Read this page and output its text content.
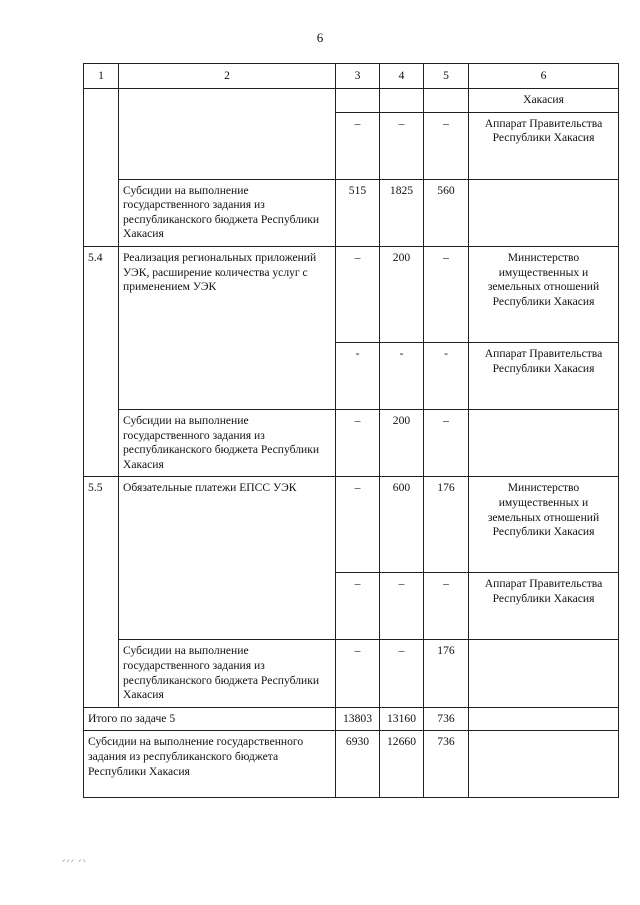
6
1	2	3	4	5	6
					Хакасия
		–	–	–	Аппарат Правительства Республики Хакасия
	Субсидии на выполнение государственного задания из республиканского бюджета Республики Хакасия	515	1825	560	
5.4	Реализация региональных приложений УЭК, расширение количества услуг с применением УЭК	–	200	–	Министерство имущественных и земельных отношений Республики Хакасия
		-	-	-	Аппарат Правительства Республики Хакасия
	Субсидии на выполнение государственного задания из республиканского бюджета Республики Хакасия	–	200	–	
5.5	Обязательные платежи ЕПСС УЭК	–	600	176	Министерство имущественных и земельных отношений Республики Хакасия
		–	–	–	Аппарат Правительства Республики Хакасия
	Субсидии на выполнение государственного задания из республиканского бюджета Республики Хакасия	–	–	176	
Итого по задаче 5		13803	13160	736	
Субсидии на выполнение государственного задания из республиканского бюджета Республики Хакасия		6930	12660	736	
ᐟᐟᐟ ᐟᐠ
